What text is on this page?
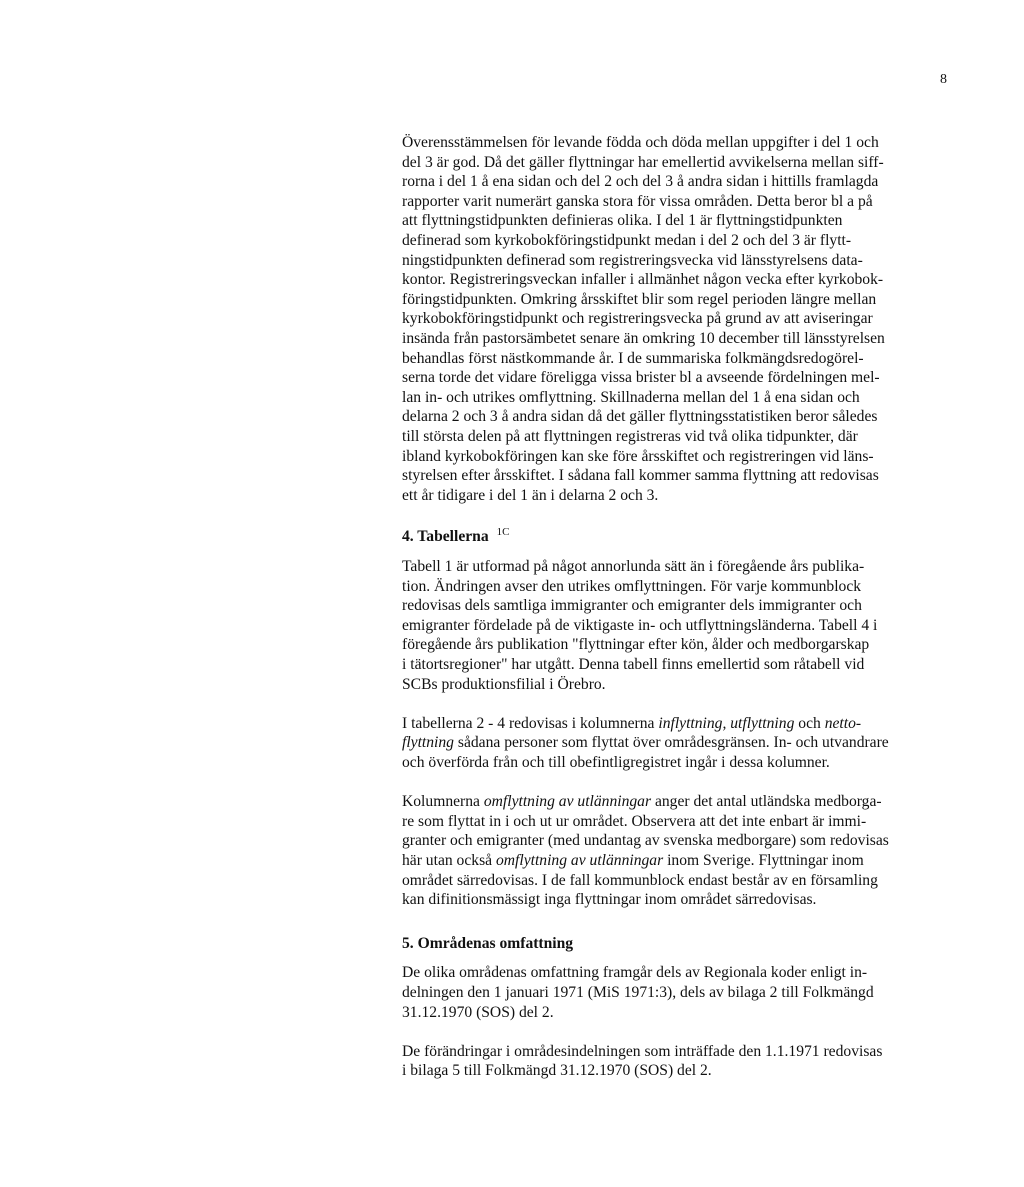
8

Överensstämmelsen för levande födda och döda mellan uppgifter i del 1 och
del 3 är god. Då det gäller flyttningar har emellertid avvikelserna mellan siff-
rorna i del 1 å ena sidan och del 2 och del 3 å andra sidan i hittills framlagda
rapporter varit numerärt ganska stora för vissa områden. Detta beror bl a på
att flyttningstidpunkten definieras olika. I del 1 är flyttningstidpunkten
definerad som kyrkobokföringstidpunkt medan i del 2 och del 3 är flytt-
ningstidpunkten definerad som registreringsvecka vid länsstyrelsens data-
kontor. Registreringsveckan infaller i allmänhet någon vecka efter kyrkobok-
föringstidpunkten. Omkring årsskiftet blir som regel perioden längre mellan
kyrkobokföringstidpunkt och registreringsvecka på grund av att aviseringar
insända från pastorsämbetet senare än omkring 10 december till länsstyrelsen
behandlas först nästkommande år. I de summariska folkmängdsredogörel-
serna torde det vidare föreligga vissa brister bl a avseende fördelningen mel-
lan in- och utrikes omflyttning. Skillnaderna mellan del 1 å ena sidan och
delarna 2 och 3 å andra sidan då det gäller flyttningsstatistiken beror således
till största delen på att flyttningen registreras vid två olika tidpunkter, där
ibland kyrkobokföringen kan ske före årsskiftet och registreringen vid läns-
styrelsen efter årsskiftet. I sådana fall kommer samma flyttning att redovisas
ett år tidigare i del 1 än i delarna 2 och 3.

4. Tabellerna $^{1C}$

Tabell 1 är utformad på något annorlunda sätt än i föregående års publika-
tion. Ändringen avser den utrikes omflyttningen. För varje kommunblock
redovisas dels samtliga immigranter och emigranter dels immigranter och
emigranter fördelade på de viktigaste in- och utflyttningsländerna. Tabell 4 i
föregående års publikation "flyttningar efter kön, ålder och medborgarskap
i tätortsregioner" har utgått. Denna tabell finns emellertid som råtabell vid
SCBs produktionsfilial i Örebro.

I tabellerna 2 - 4 redovisas i kolumnerna inflyttning, utflyttning och netto-
flyttning sådana personer som flyttat över områdesgränsen. In- och utvandrare
och överförda från och till obefintligregistret ingår i dessa kolumner.

Kolumnerna omflyttning av utlänningar anger det antal utländska medborga-
re som flyttat in i och ut ur området. Observera att det inte enbart är immi-
granter och emigranter (med undantag av svenska medborgare) som redovisas
här utan också omflyttning av utlänningar inom Sverige. Flyttningar inom
området särredovisas. I de fall kommunblock endast består av en församling
kan difinitionsmässigt inga flyttningar inom området särredovisas.

5. Områdenas omfattning

De olika områdenas omfattning framgår dels av Regionala koder enligt in-
delningen den 1 januari 1971 (MiS 1971:3), dels av bilaga 2 till Folkmängd
31.12.1970 (SOS) del 2.

De förändringar i områdesindelningen som inträffade den 1.1.1971 redovisas
i bilaga 5 till Folkmängd 31.12.1970 (SOS) del 2.
